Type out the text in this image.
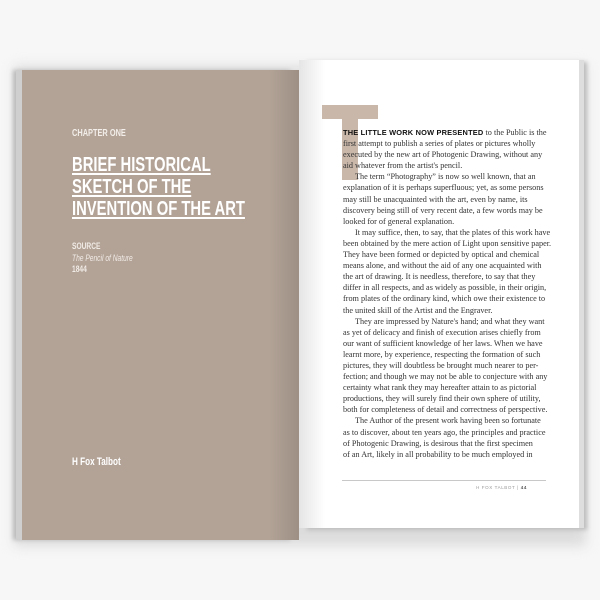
CHAPTER ONE
BRIEF HISTORICAL
SKETCH OF THE
INVENTION OF THE ART
SOURCE
The Pencil of Nature
1844
H Fox Talbot
THE LITTLE WORK NOW PRESENTED to the Public is the
first attempt to publish a series of plates or pictures wholly
executed by the new art of Photogenic Drawing, without any
aid whatever from the artist's pencil.
The term “Photography” is now so well known, that an
explanation of it is perhaps superfluous; yet, as some persons
may still be unacquainted with the art, even by name, its
discovery being still of very recent date, a few words may be
looked for of general explanation.
It may suffice, then, to say, that the plates of this work have
been obtained by the mere action of Light upon sensitive paper.
They have been formed or depicted by optical and chemical
means alone, and without the aid of any one acquainted with
the art of drawing. It is needless, therefore, to say that they
differ in all respects, and as widely as possible, in their origin,
from plates of the ordinary kind, which owe their existence to
the united skill of the Artist and the Engraver.
They are impressed by Nature's hand; and what they want
as yet of delicacy and finish of execution arises chiefly from
our want of sufficient knowledge of her laws. When we have
learnt more, by experience, respecting the formation of such
pictures, they will doubtless be brought much nearer to per-
fection; and though we may not be able to conjecture with any
certainty what rank they may hereafter attain to as pictorial
productions, they will surely find their own sphere of utility,
both for completeness of detail and correctness of perspective.
The Author of the present work having been so fortunate
as to discover, about ten years ago, the principles and practice
of Photogenic Drawing, is desirous that the first specimen
of an Art, likely in all probability to be much employed in
H FOX TALBOT | 44
